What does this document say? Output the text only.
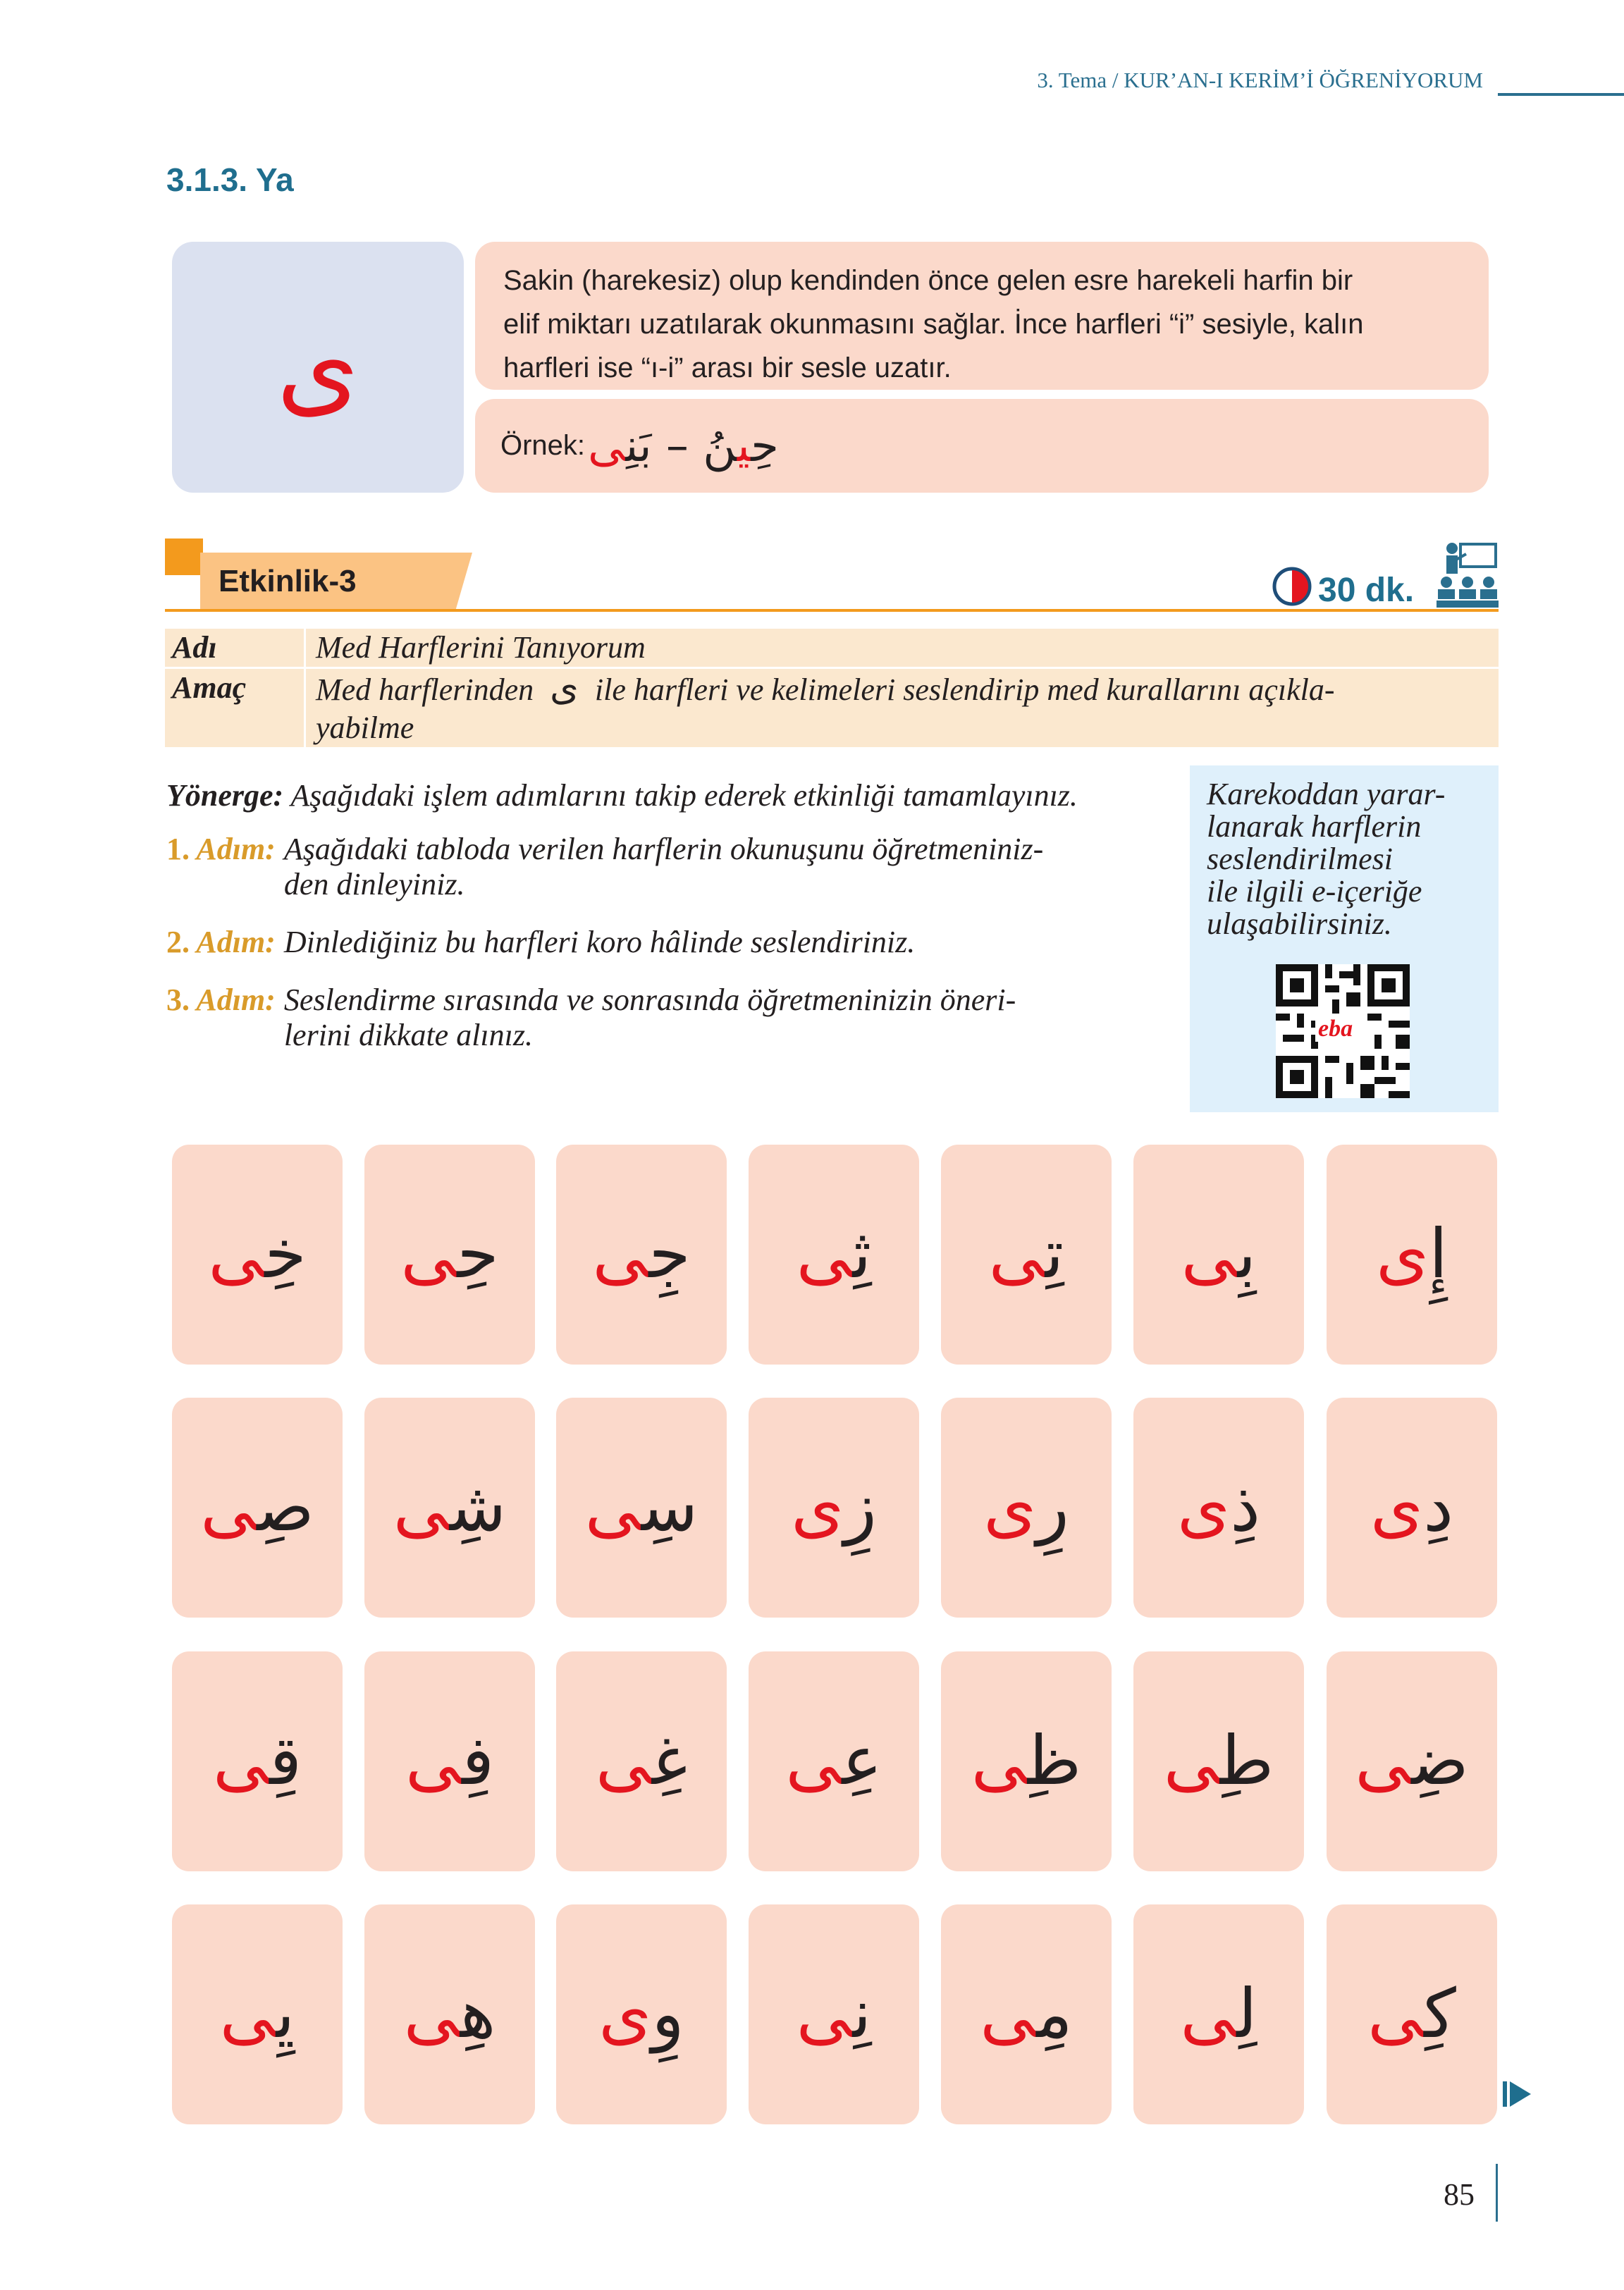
3. Tema / KUR’AN-I KERİM’İ ÖĞRENİYORUM
3.1.3. Ya
ى
Sakin (harekesiz) olup kendinden önce gelen esre harekeli harfin bir
elif miktarı uzatılarak okunmasını sağlar. İnce harfleri “i” sesiyle, kalın
harfleri ise “ı-i” arası bir sesle uzatır.
Örnek:	حِينُ – بَنِى
Etkinlik-3	30 dk.
Adı	Med Harflerini Tanıyorum
Amaç	Med harflerinden ى ile harfleri ve kelimeleri seslendirip med kurallarını açıkla-
yabilme
Yönerge: Aşağıdaki işlem adımlarını takip ederek etkinliği tamamlayınız.
1. Adım: Aşağıdaki tabloda verilen harflerin okunuşunu öğretmeniniz-
den dinleyiniz.
2. Adım: Dinlediğiniz bu harfleri koro hâlinde seslendiriniz.
3. Adım: Seslendirme sırasında ve sonrasında öğretmeninizin öneri-
lerini dikkate alınız.
Karekoddan yarar-
lanarak harflerin
seslendirilmesi
ile ilgili e-içeriğe
ulaşabilirsiniz.
eba
إِى
بِى
تِى
ثِى
جِى
حِى
خِى
دِى
ذِى
رِى
زِى
سِى
شِى
صِى
ضِى
طِى
ظِى
عِى
غِى
فِى
قِى
كِى
لِى
مِى
نِى
وِى
هِى
يِى
85
